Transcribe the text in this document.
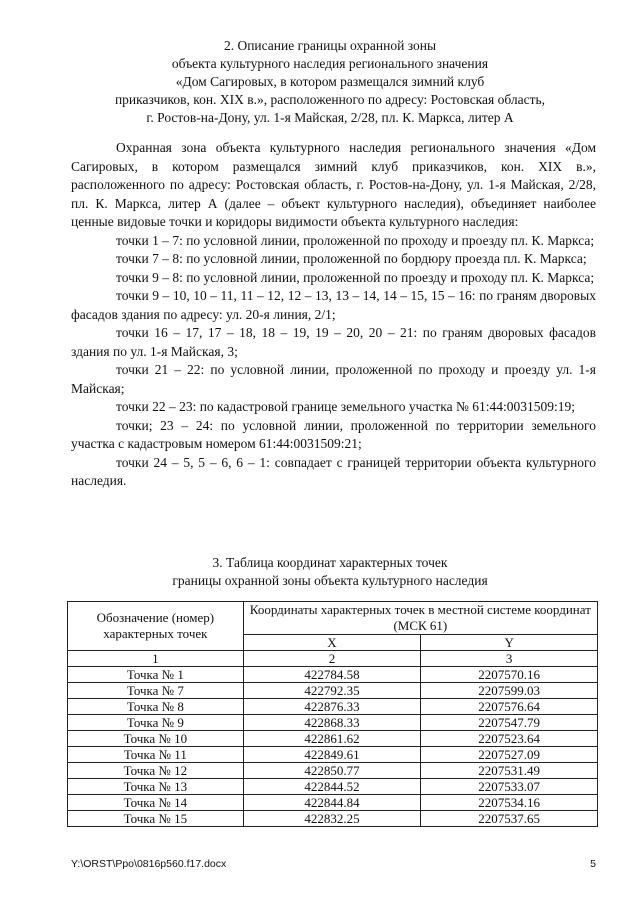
2. Описание границы охранной зоны
объекта культурного наследия регионального значения
«Дом Сагировых, в котором размещался зимний клуб
приказчиков, кон. XIX в.», расположенного по адресу: Ростовская область,
г. Ростов-на-Дону, ул. 1-я Майская, 2/28, пл. К. Маркса, литер А

Охранная зона объекта культурного наследия регионального значения «Дом Сагировых, в котором размещался зимний клуб приказчиков, кон. XIX в.», расположенного по адресу: Ростовская область, г. Ростов-на-Дону, ул. 1-я Майская, 2/28, пл. К. Маркса, литер А (далее – объект культурного наследия), объединяет наиболее ценные видовые точки и коридоры видимости объекта культурного наследия:

точки 1 – 7: по условной линии, проложенной по проходу и проезду пл. К. Маркса;

точки 7 – 8: по условной линии, проложенной по бордюру проезда пл. К. Маркса;

точки 9 – 8: по условной линии, проложенной по проезду и проходу пл. К. Маркса;

точки 9 – 10, 10 – 11, 11 – 12, 12 – 13, 13 – 14, 14 – 15, 15 – 16: по граням дворовых фасадов здания по адресу: ул. 20-я линия, 2/1;

точки 16 – 17, 17 – 18, 18 – 19, 19 – 20, 20 – 21: по граням дворовых фасадов здания по ул. 1-я Майская, 3;

точки 21 – 22: по условной линии, проложенной по проходу и проезду ул. 1-я Майская;

точки 22 – 23: по кадастровой границе земельного участка № 61:44:0031509:19;

точки; 23 – 24: по условной линии, проложенной по территории земельного участка с кадастровым номером 61:44:0031509:21;

точки 24 – 5, 5 – 6, 6 – 1: совпадает с границей территории объекта культурного наследия.

3. Таблица координат характерных точек
границы охранной зоны объекта культурного наследия
Обозначение (номер) характерных точек	Координаты характерных точек в местной системе координат (МСК 61)	
	X	Y
1	2	3
Точка № 1	422784.58	2207570.16
Точка № 7	422792.35	2207599.03
Точка № 8	422876.33	2207576.64
Точка № 9	422868.33	2207547.79
Точка № 10	422861.62	2207523.64
Точка № 11	422849.61	2207527.09
Точка № 12	422850.77	2207531.49
Точка № 13	422844.52	2207533.07
Точка № 14	422844.84	2207534.16
Точка № 15	422832.25	2207537.65
Y:\ORST\Ppo\0816p560.f17.docx	5
